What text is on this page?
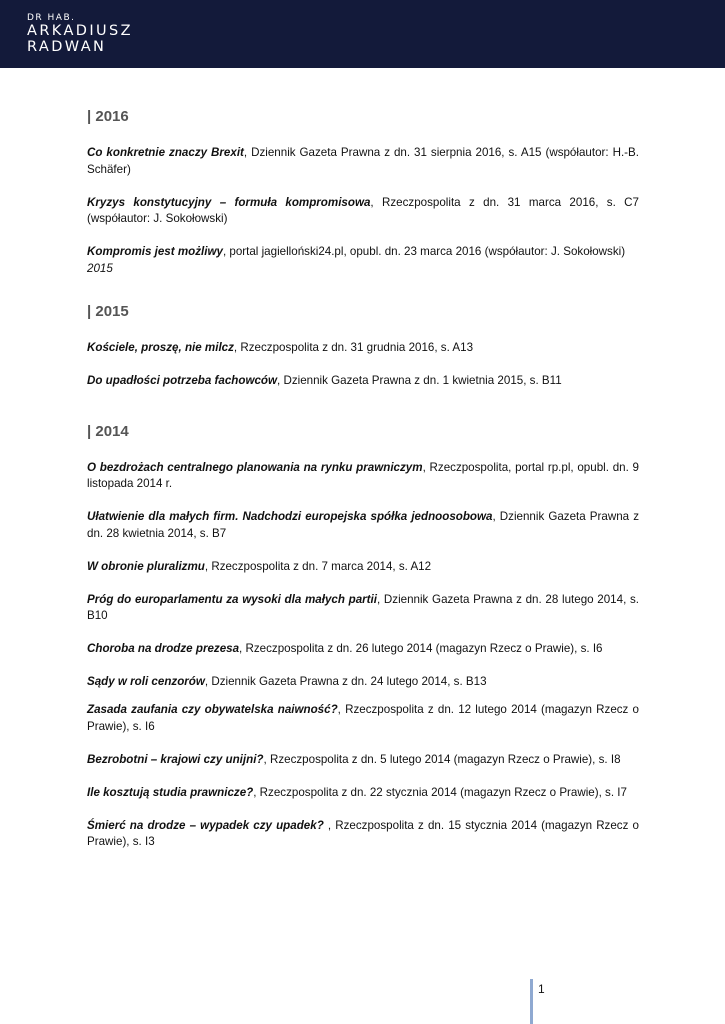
DR HAB.
ARKADIUSZ
RADWAN
| 2016

Co konkretnie znaczy Brexit, Dziennik Gazeta Prawna z dn. 31 sierpnia 2016, s. A15 (współautor: H.-B. Schäfer)

Kryzys konstytucyjny – formuła kompromisowa, Rzeczpospolita z dn. 31 marca 2016, s. C7 (współautor: J. Sokołowski)

Kompromis jest możliwy, portal jagielloński24.pl, opubl. dn. 23 marca 2016 (współautor: J. Sokołowski)

2015
| 2015

Kościele, proszę, nie milcz, Rzeczpospolita z dn. 31 grudnia 2016, s. A13

Do upadłości potrzeba fachowców, Dziennik Gazeta Prawna z dn. 1 kwietnia 2015, s. B11

| 2014

O bezdrożach centralnego planowania na rynku prawniczym, Rzeczpospolita, portal rp.pl, opubl. dn. 9 listopada 2014 r.

Ułatwienie dla małych firm. Nadchodzi europejska spółka jednoosobowa, Dziennik Gazeta Prawna z dn. 28 kwietnia 2014, s. B7

W obronie pluralizmu, Rzeczpospolita z dn. 7 marca 2014, s. A12

Próg do europarlamentu za wysoki dla małych partii, Dziennik Gazeta Prawna z dn. 28 lutego 2014, s. B10

Choroba na drodze prezesa, Rzeczpospolita z dn. 26 lutego 2014 (magazyn Rzecz o Prawie), s. I6

Sądy w roli cenzorów, Dziennik Gazeta Prawna z dn. 24 lutego 2014, s. B13

Zasada zaufania czy obywatelska naiwność?, Rzeczpospolita z dn. 12 lutego 2014 (magazyn Rzecz o Prawie), s. I6

Bezrobotni – krajowi czy unijni?, Rzeczpospolita z dn. 5 lutego 2014 (magazyn Rzecz o Prawie), s. I8

Ile kosztują studia prawnicze?, Rzeczpospolita z dn. 22 stycznia 2014 (magazyn Rzecz o Prawie), s. I7

Śmierć na drodze – wypadek czy upadek? , Rzeczpospolita z dn. 15 stycznia 2014 (magazyn Rzecz o Prawie), s. I3

1
